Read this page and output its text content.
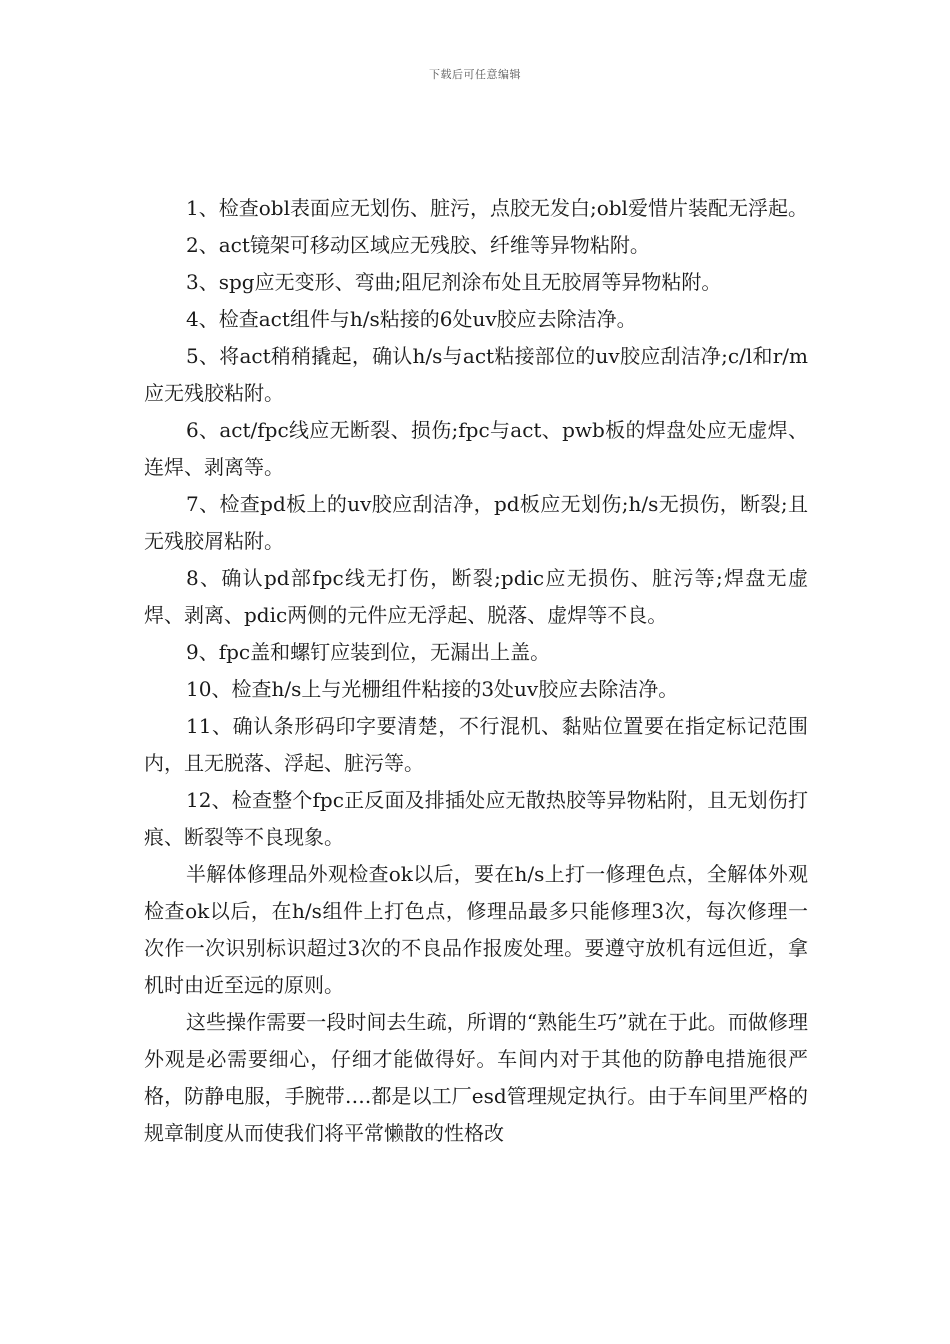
下载后可任意编辑

1、检查obl表面应无划伤、脏污，点胶无发白;obl爱惜片装配无浮起。

2、act镜架可移动区域应无残胶、纤维等异物粘附。

3、spg应无变形、弯曲;阻尼剂涂布处且无胶屑等异物粘附。

4、检查act组件与h/s粘接的6处uv胶应去除洁净。

5、将act稍稍撬起，确认h/s与act粘接部位的uv胶应刮洁净;c/l和r/m应无残胶粘附。

6、act/fpc线应无断裂、损伤;fpc与act、pwb板的焊盘处应无虚焊、连焊、剥离等。

7、检查pd板上的uv胶应刮洁净，pd板应无划伤;h/s无损伤，断裂;且无残胶屑粘附。

8、确认pd部fpc线无打伤，断裂;pdic应无损伤、脏污等;焊盘无虚焊、剥离、pdic两侧的元件应无浮起、脱落、虚焊等不良。

9、fpc盖和螺钉应装到位，无漏出上盖。

10、检查h/s上与光栅组件粘接的3处uv胶应去除洁净。

11、确认条形码印字要清楚，不行混机、黏贴位置要在指定标记范围内，且无脱落、浮起、脏污等。

12、检查整个fpc正反面及排插处应无散热胶等异物粘附，且无划伤打痕、断裂等不良现象。

半解体修理品外观检查ok以后，要在h/s上打一修理色点，全解体外观检查ok以后，在h/s组件上打色点，修理品最多只能修理3次，每次修理一次作一次识别标识超过3次的不良品作报废处理。要遵守放机有远但近，拿机时由近至远的原则。

这些操作需要一段时间去生疏，所谓的“熟能生巧”就在于此。而做修理外观是必需要细心，仔细才能做得好。车间内对于其他的防静电措施很严格，防静电服，手腕带….都是以工厂esd管理规定执行。由于车间里严格的规章制度从而使我们将平常懒散的性格改
